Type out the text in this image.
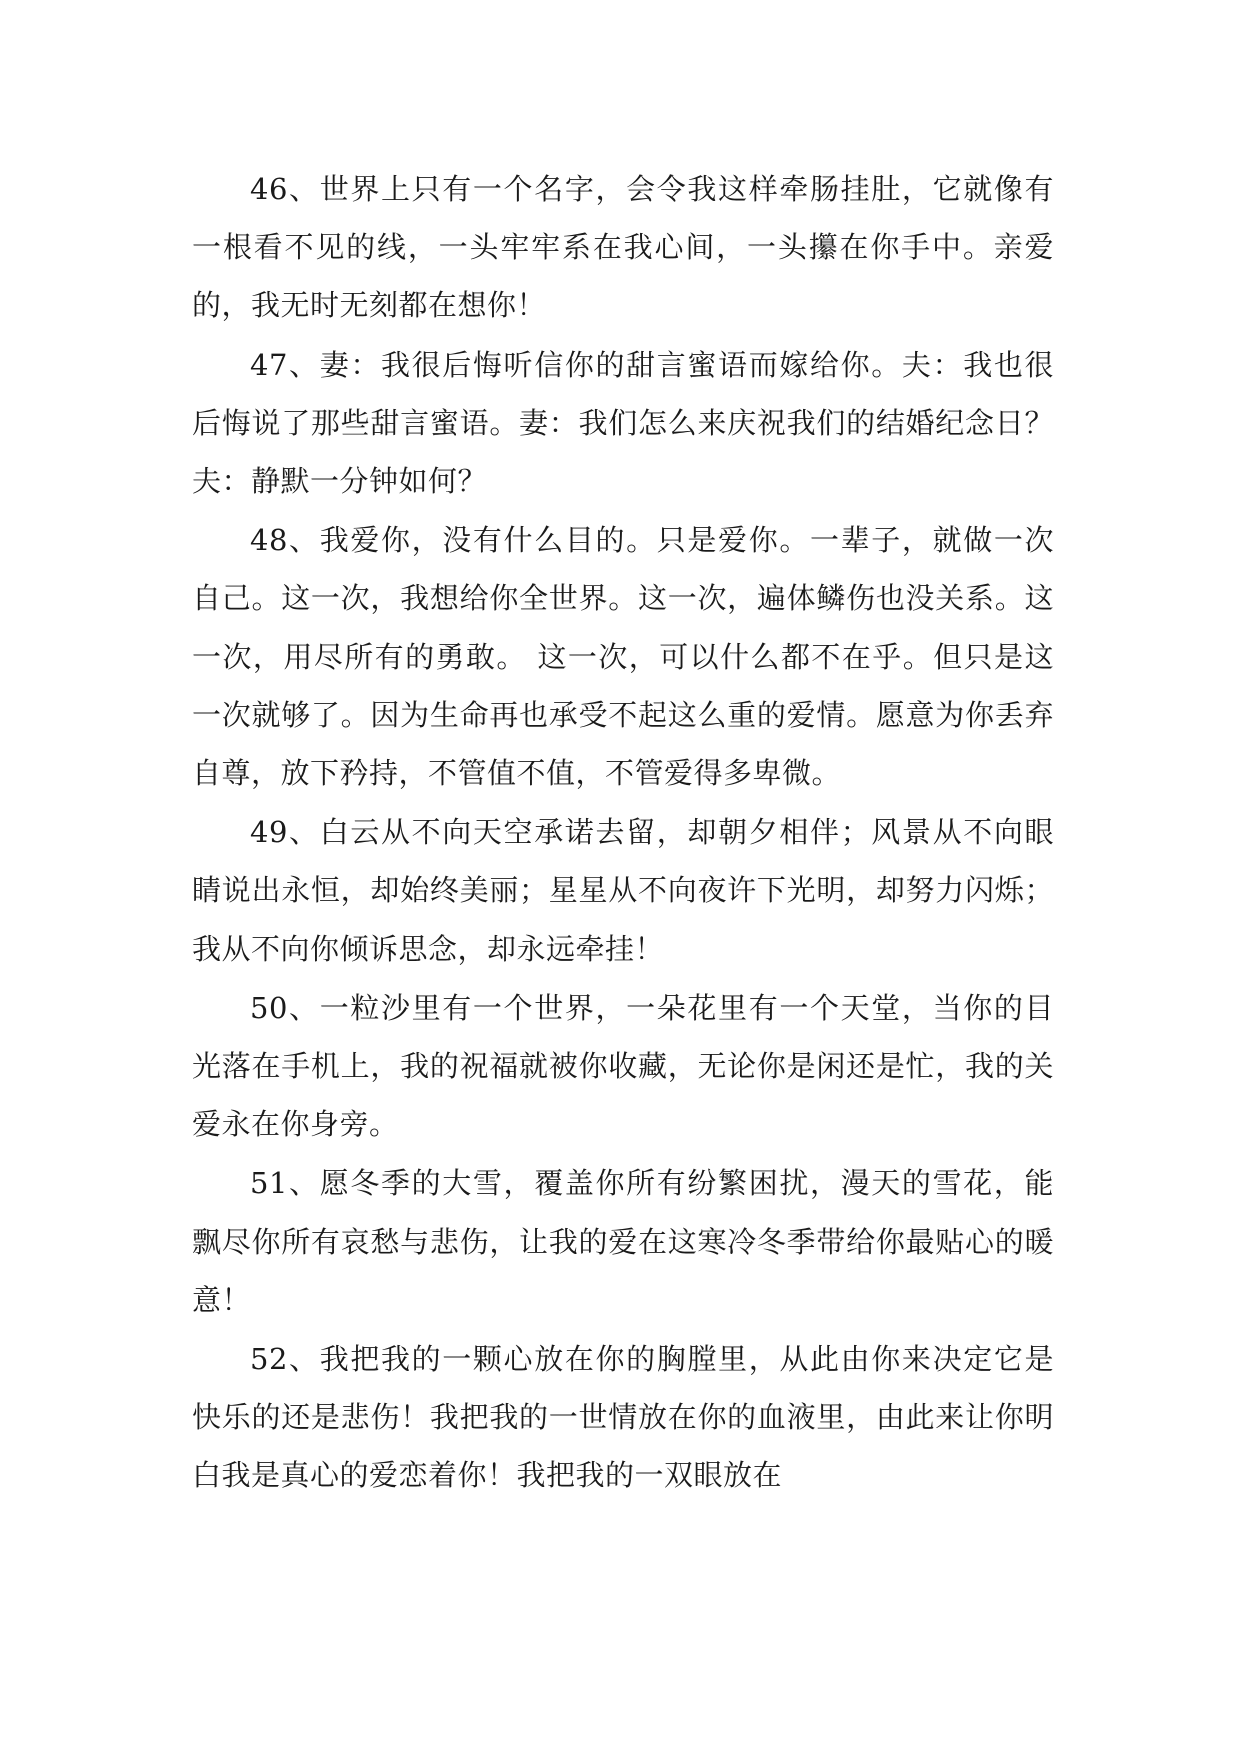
46、世界上只有一个名字，会令我这样牵肠挂肚，它就像有一根看不见的线，一头牢牢系在我心间，一头攥在你手中。亲爱的，我无时无刻都在想你！

47、妻：我很后悔听信你的甜言蜜语而嫁给你。夫：我也很后悔说了那些甜言蜜语。妻：我们怎么来庆祝我们的结婚纪念日？夫：静默一分钟如何？

48、我爱你，没有什么目的。只是爱你。一辈子，就做一次自己。这一次，我想给你全世界。这一次，遍体鳞伤也没关系。这一次，用尽所有的勇敢。 这一次，可以什么都不在乎。但只是这一次就够了。因为生命再也承受不起这么重的爱情。愿意为你丢弃自尊，放下矜持，不管值不值，不管爱得多卑微。

49、白云从不向天空承诺去留，却朝夕相伴；风景从不向眼睛说出永恒，却始终美丽；星星从不向夜许下光明，却努力闪烁；我从不向你倾诉思念，却永远牵挂！

50、一粒沙里有一个世界，一朵花里有一个天堂，当你的目光落在手机上，我的祝福就被你收藏，无论你是闲还是忙，我的关爱永在你身旁。

51、愿冬季的大雪，覆盖你所有纷繁困扰，漫天的雪花，能飘尽你所有哀愁与悲伤，让我的爱在这寒冷冬季带给你最贴心的暖意！

52、我把我的一颗心放在你的胸膛里，从此由你来决定它是快乐的还是悲伤！我把我的一世情放在你的血液里，由此来让你明白我是真心的爱恋着你！我把我的一双眼放在
